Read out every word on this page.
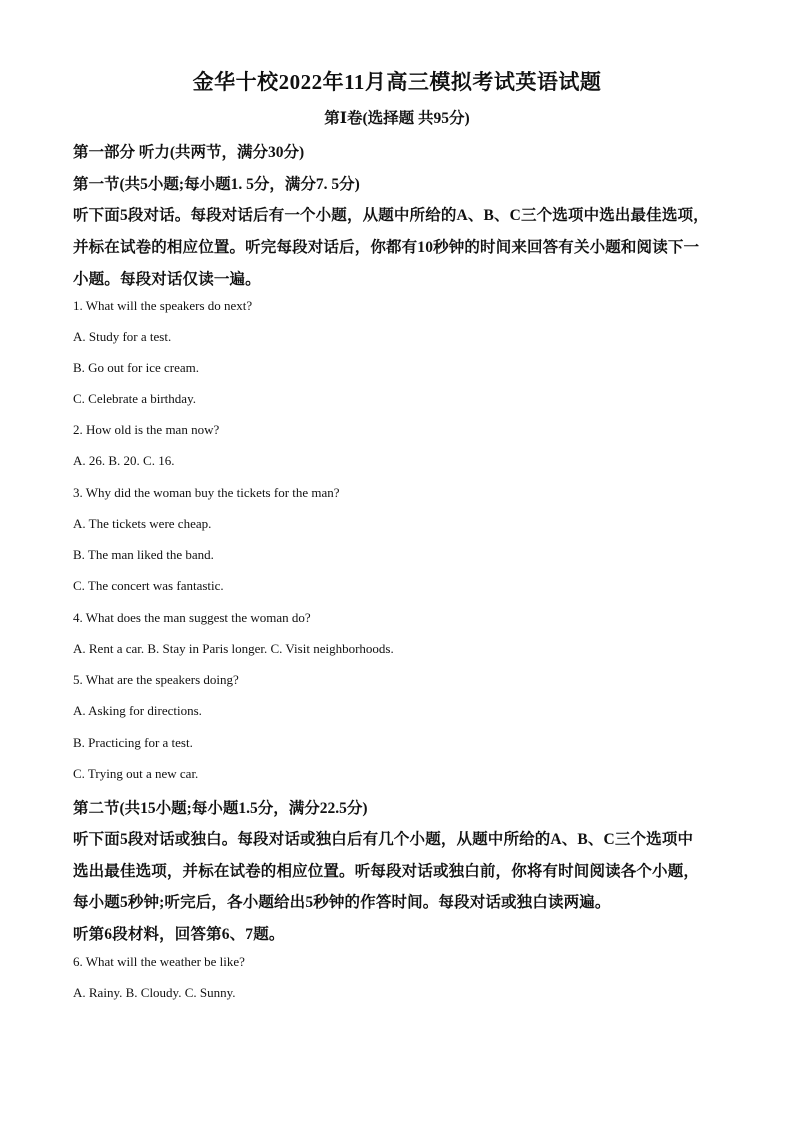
金华十校2022年11月高三模拟考试英语试题
第Ⅰ卷(选择题 共95分)
第一部分 听力(共两节，满分30分)
第一节(共5小题;每小题1. 5分，满分7. 5分)
听下面5段对话。每段对话后有一个小题，从题中所给的A、B、C三个选项中选出最佳选项，
并标在试卷的相应位置。听完每段对话后，你都有10秒钟的时间来回答有关小题和阅读下一
小题。每段对话仅读一遍。
1. What will the speakers do next?
A. Study for a test.
B. Go out for ice cream.
C. Celebrate a birthday.
2. How old is the man now?
A. 26. B. 20. C. 16.
3. Why did the woman buy the tickets for the man?
A. The tickets were cheap.
B. The man liked the band.
C. The concert was fantastic.
4. What does the man suggest the woman do?
A. Rent a car. B. Stay in Paris longer. C. Visit neighborhoods.
5. What are the speakers doing?
A. Asking for directions.
B. Practicing for a test.
C. Trying out a new car.
第二节(共15小题;每小题1.5分，满分22.5分)
听下面5段对话或独白。每段对话或独白后有几个小题，从题中所给的A、B、C三个选项中
选出最佳选项，并标在试卷的相应位置。听每段对话或独白前，你将有时间阅读各个小题，
每小题5秒钟;听完后，各小题给出5秒钟的作答时间。每段对话或独白读两遍。
听第6段材料，回答第6、7题。
6. What will the weather be like?
A. Rainy. B. Cloudy. C. Sunny.
